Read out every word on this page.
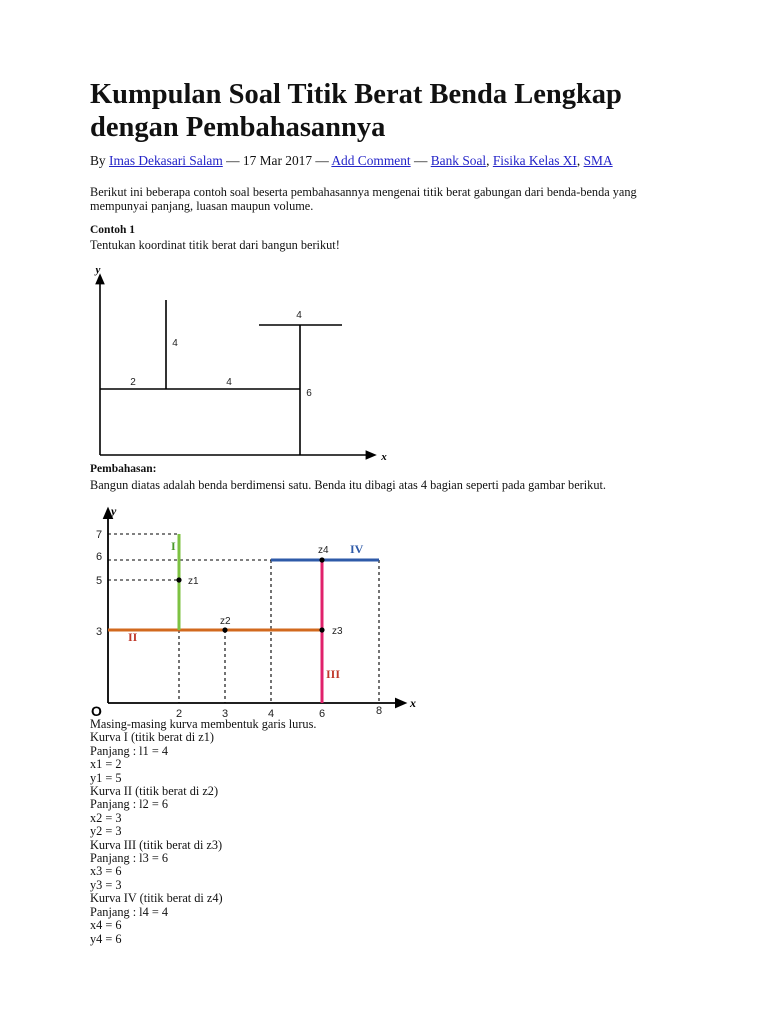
Kumpulan Soal Titik Berat Benda Lengkap dengan Pembahasannya
By Imas Dekasari Salam — 17 Mar 2017 — Add Comment — Bank Soal, Fisika Kelas XI, SMA

Berikut ini beberapa contoh soal beserta pembahasannya mengenai titik berat gabungan dari benda-benda yang mempunyai panjang, luasan maupun volume.

Contoh 1

Tentukan koordinat titik berat dari bangun berikut!

Pembahasan:

Bangun diatas adalah benda berdimensi satu. Benda itu dibagi atas 4 bagian seperti pada gambar berikut.

Masing-masing kurva membentuk garis lurus.
Kurva I (titik berat di z1)
Panjang : l1 = 4
x1 = 2
y1 = 5
Kurva II (titik berat di z2)
Panjang : l2 = 6
x2 = 3
y2 = 3
Kurva III (titik berat di z3)
Panjang : l3 = 6
x3 = 6
y3 = 3
Kurva IV (titik berat di z4)
Panjang : l4 = 4
x4 = 6
y4 = 6
y
x
4
2	4
4
6
z1
z2
z3
z4
I
II
III
IV
y
x
O
7
6
5
3
2	3	4	6	8
